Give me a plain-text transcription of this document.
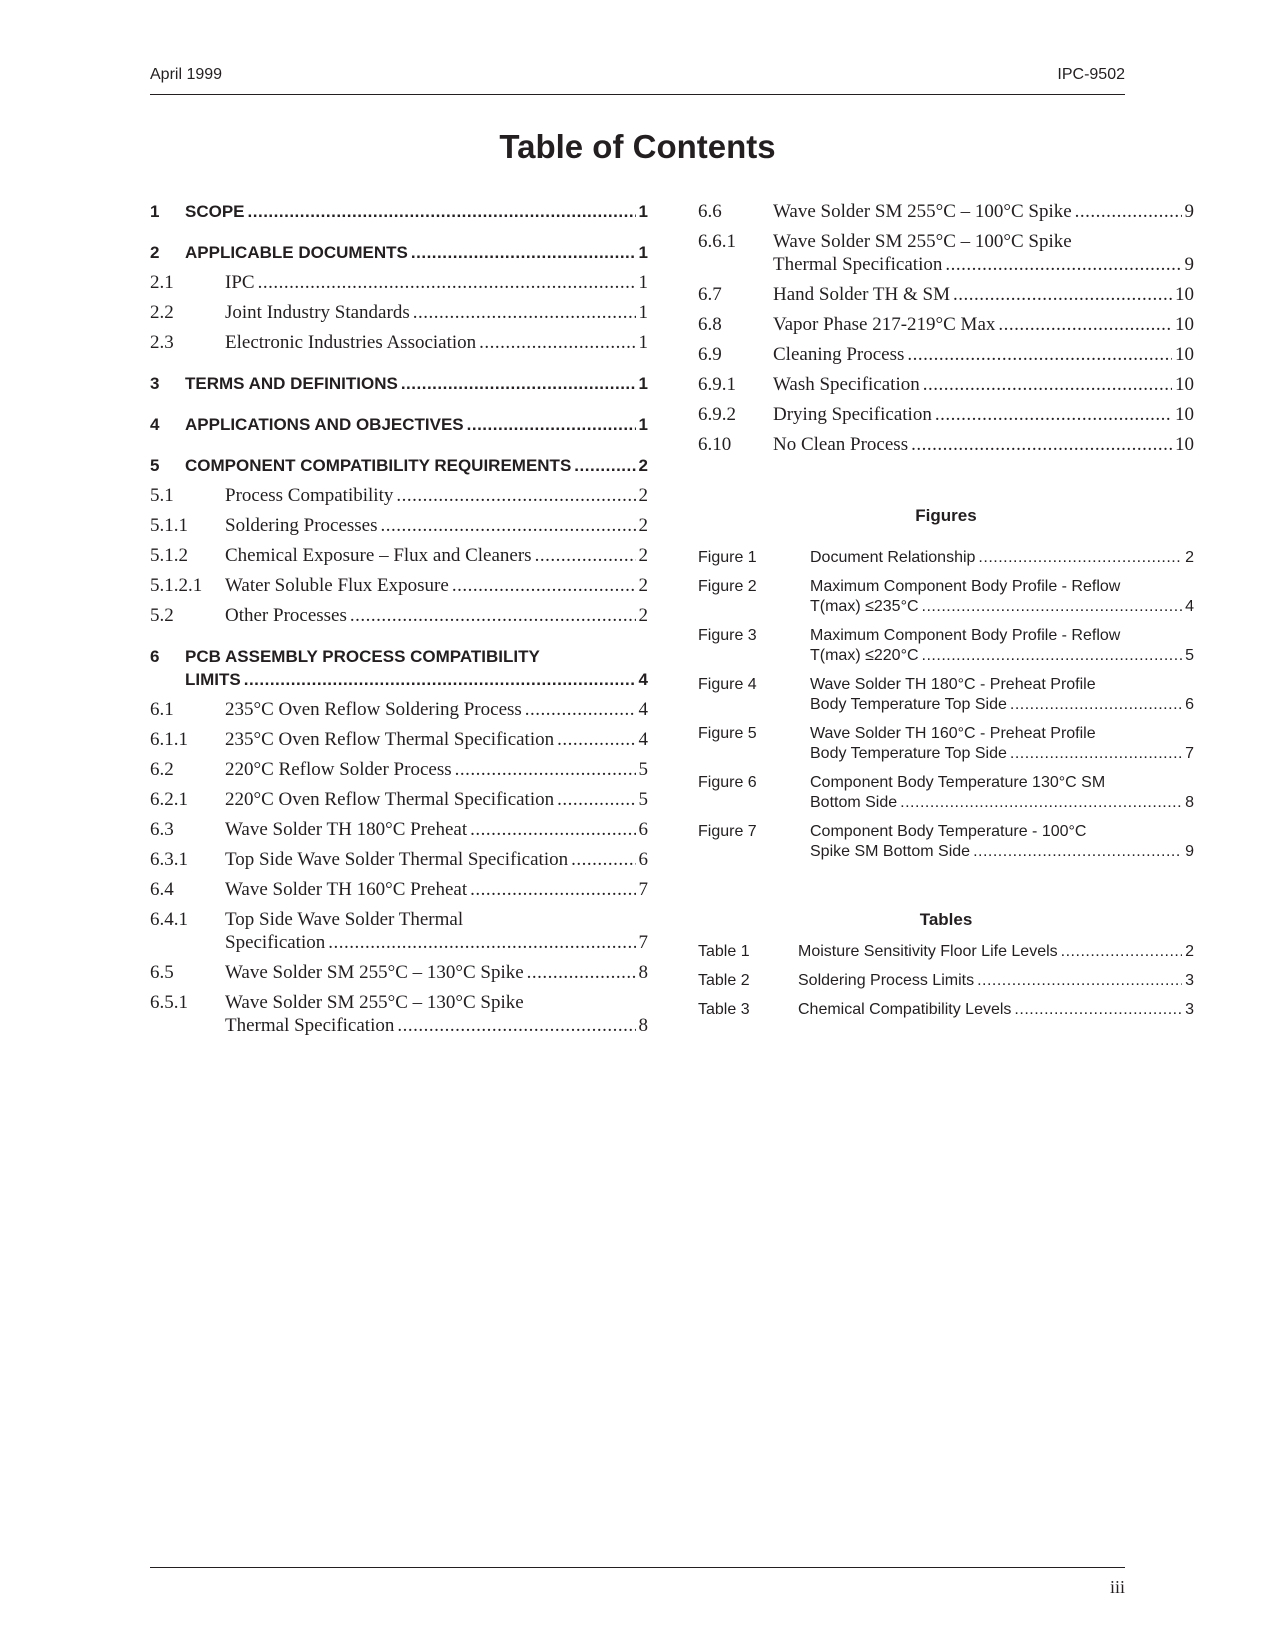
April 1999	IPC-9502
Table of Contents
1	SCOPE .....	1
2	APPLICABLE DOCUMENTS .....	1
2.1	IPC .....	1
2.2	Joint Industry Standards .....	1
2.3	Electronic Industries Association .....	1
3	TERMS AND DEFINITIONS .....	1
4	APPLICATIONS AND OBJECTIVES .....	1
5	COMPONENT COMPATIBILITY REQUIREMENTS .....	2
5.1	Process Compatibility .....	2
5.1.1	Soldering Processes .....	2
5.1.2	Chemical Exposure – Flux and Cleaners .....	2
5.1.2.1	Water Soluble Flux Exposure .....	2
5.2	Other Processes .....	2
6	PCB ASSEMBLY PROCESS COMPATIBILITY
LIMITS .....	4
6.1	235°C Oven Reflow Soldering Process .....	4
6.1.1	235°C Oven Reflow Thermal Specification .....	4
6.2	220°C Reflow Solder Process .....	5
6.2.1	220°C Oven Reflow Thermal Specification .....	5
6.3	Wave Solder TH 180°C Preheat .....	6
6.3.1	Top Side Wave Solder Thermal Specification .....	6
6.4	Wave Solder TH 160°C Preheat .....	7
6.4.1	Top Side Wave Solder Thermal
Specification .....	7
6.5	Wave Solder SM 255°C – 130°C Spike .....	8
6.5.1	Wave Solder SM 255°C – 130°C Spike
Thermal Specification .....	8
6.6	Wave Solder SM 255°C – 100°C Spike .....	9
6.6.1	Wave Solder SM 255°C – 100°C Spike
Thermal Specification .....	9
6.7	Hand Solder TH & SM .....	10
6.8	Vapor Phase 217-219°C Max .....	10
6.9	Cleaning Process .....	10
6.9.1	Wash Specification .....	10
6.9.2	Drying Specification .....	10
6.10	No Clean Process .....	10
Figures
Figure 1	Document Relationship .....	2
Figure 2	Maximum Component Body Profile - Reflow
T(max) ≤235°C .....	4
Figure 3	Maximum Component Body Profile - Reflow
T(max) ≤220°C .....	5
Figure 4	Wave Solder TH 180°C - Preheat Profile
Body Temperature Top Side .....	6
Figure 5	Wave Solder TH 160°C - Preheat Profile
Body Temperature Top Side .....	7
Figure 6	Component Body Temperature 130°C SM
Bottom Side .....	8
Figure 7	Component Body Temperature - 100°C
Spike SM Bottom Side .....	9
Tables
Table 1	Moisture Sensitivity Floor Life Levels .....	2
Table 2	Soldering Process Limits .....	3
Table 3	Chemical Compatibility Levels .....	3
iii
